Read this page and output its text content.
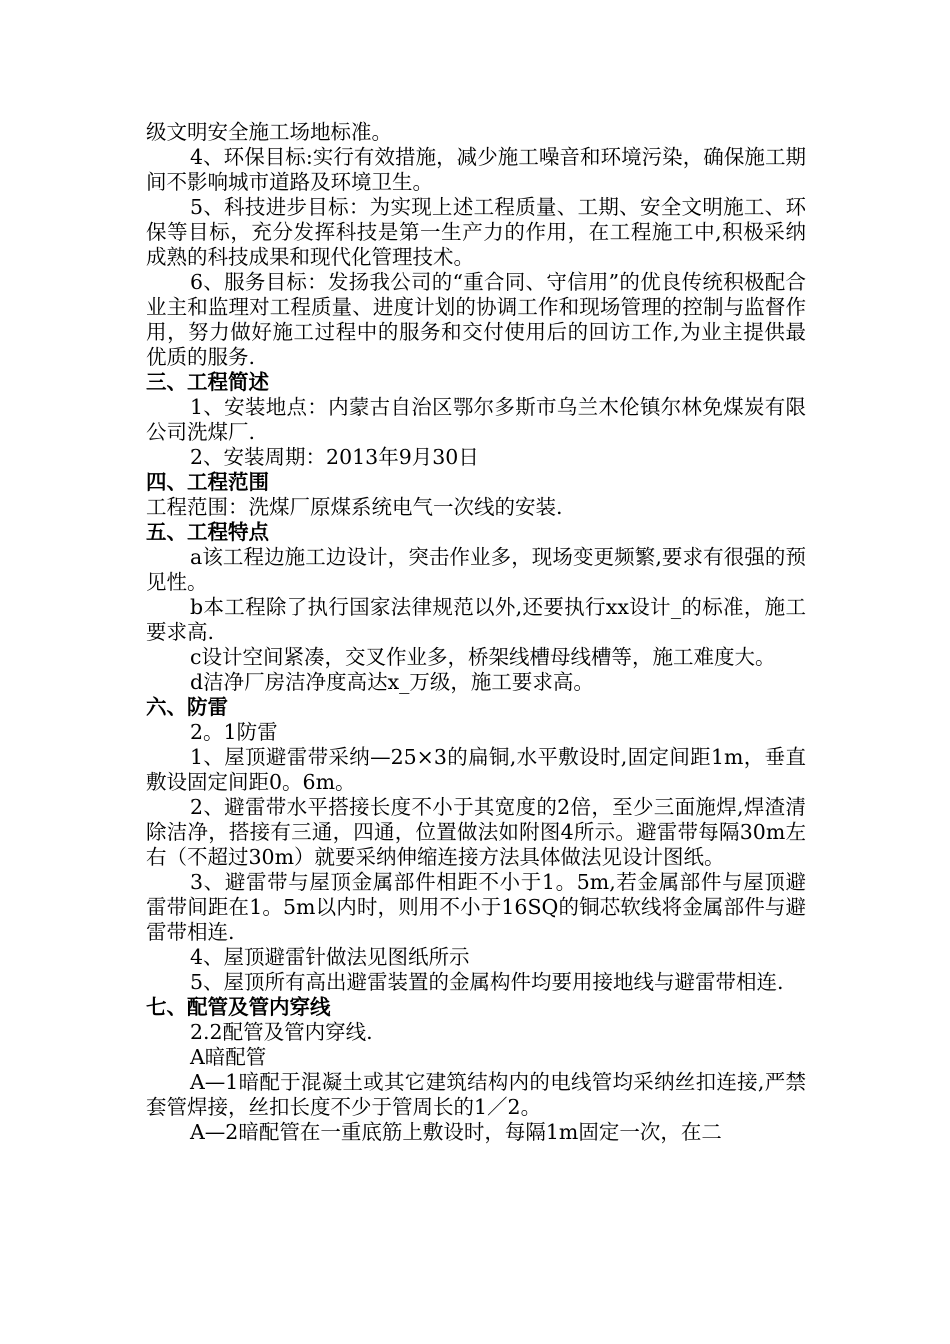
级文明安全施工场地标准。

4、环保目标:实行有效措施，减少施工噪音和环境污染，确保施工期间不影响城市道路及环境卫生。

5、科技进步目标：为实现上述工程质量、工期、安全文明施工、环保等目标，充分发挥科技是第一生产力的作用，在工程施工中,积极采纳成熟的科技成果和现代化管理技术。

6、服务目标：发扬我公司的“重合同、守信用”的优良传统积极配合业主和监理对工程质量、进度计划的协调工作和现场管理的控制与监督作用，努力做好施工过程中的服务和交付使用后的回访工作,为业主提供最优质的服务.

三、工程简述

1、安装地点：内蒙古自治区鄂尔多斯市乌兰木伦镇尔林免煤炭有限公司洗煤厂.

2、安装周期：2013年9月30日

四、工程范围

工程范围：洗煤厂原煤系统电气一次线的安装.

五、工程特点

a该工程边施工边设计，突击作业多，现场变更频繁,要求有很强的预见性。

b本工程除了执行国家法律规范以外,还要执行xx设计_的标准，施工要求高.

c设计空间紧凑，交叉作业多，桥架线槽母线槽等，施工难度大。

d洁净厂房洁净度高达x_万级，施工要求高。

六、防雷

2。1防雷

1、屋顶避雷带采纳—25×3的扁铜,水平敷设时,固定间距1m，垂直敷设固定间距0。6m。

2、避雷带水平搭接长度不小于其宽度的2倍，至少三面施焊,焊渣清除洁净，搭接有三通，四通，位置做法如附图4所示。避雷带每隔30m左右（不超过30m）就要采纳伸缩连接方法具体做法见设计图纸。

3、避雷带与屋顶金属部件相距不小于1。5m,若金属部件与屋顶避雷带间距在1。5m以内时，则用不小于16SQ的铜芯软线将金属部件与避雷带相连.

4、屋顶避雷针做法见图纸所示

5、屋顶所有高出避雷装置的金属构件均要用接地线与避雷带相连.

七、配管及管内穿线

2.2配管及管内穿线.

A暗配管

A—1暗配于混凝土或其它建筑结构内的电线管均采纳丝扣连接,严禁套管焊接，丝扣长度不少于管周长的1／2。

A—2暗配管在一重底筋上敷设时，每隔1m固定一次，在二
